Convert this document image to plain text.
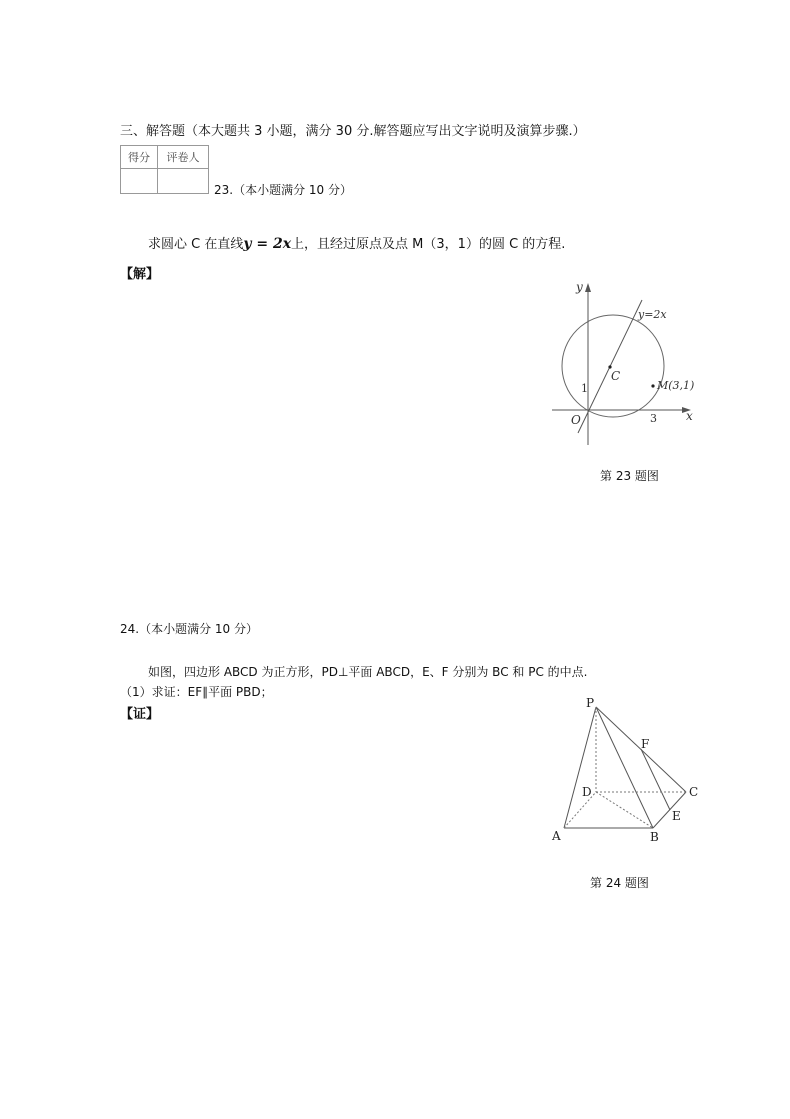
三、解答题（本大题共 3 小题，满分 30 分.解答题应写出文字说明及演算步骤.）
得分	评卷人

23.（本小题满分 10 分）
求圆心 C 在直线y = 2x上，且经过原点及点 M（3，1）的圆 C 的方程.
【解】
y
x
O
y=2x
C
M(3,1)
1
3
第 23 题图
24.（本小题满分 10 分）
如图，四边形 ABCD 为正方形，PD⊥平面 ABCD，E、F 分别为 BC 和 PC 的中点.
（1）求证：EF∥平面 PBD；
【证】
P
F
D	C
E
A	B
第 24 题图
